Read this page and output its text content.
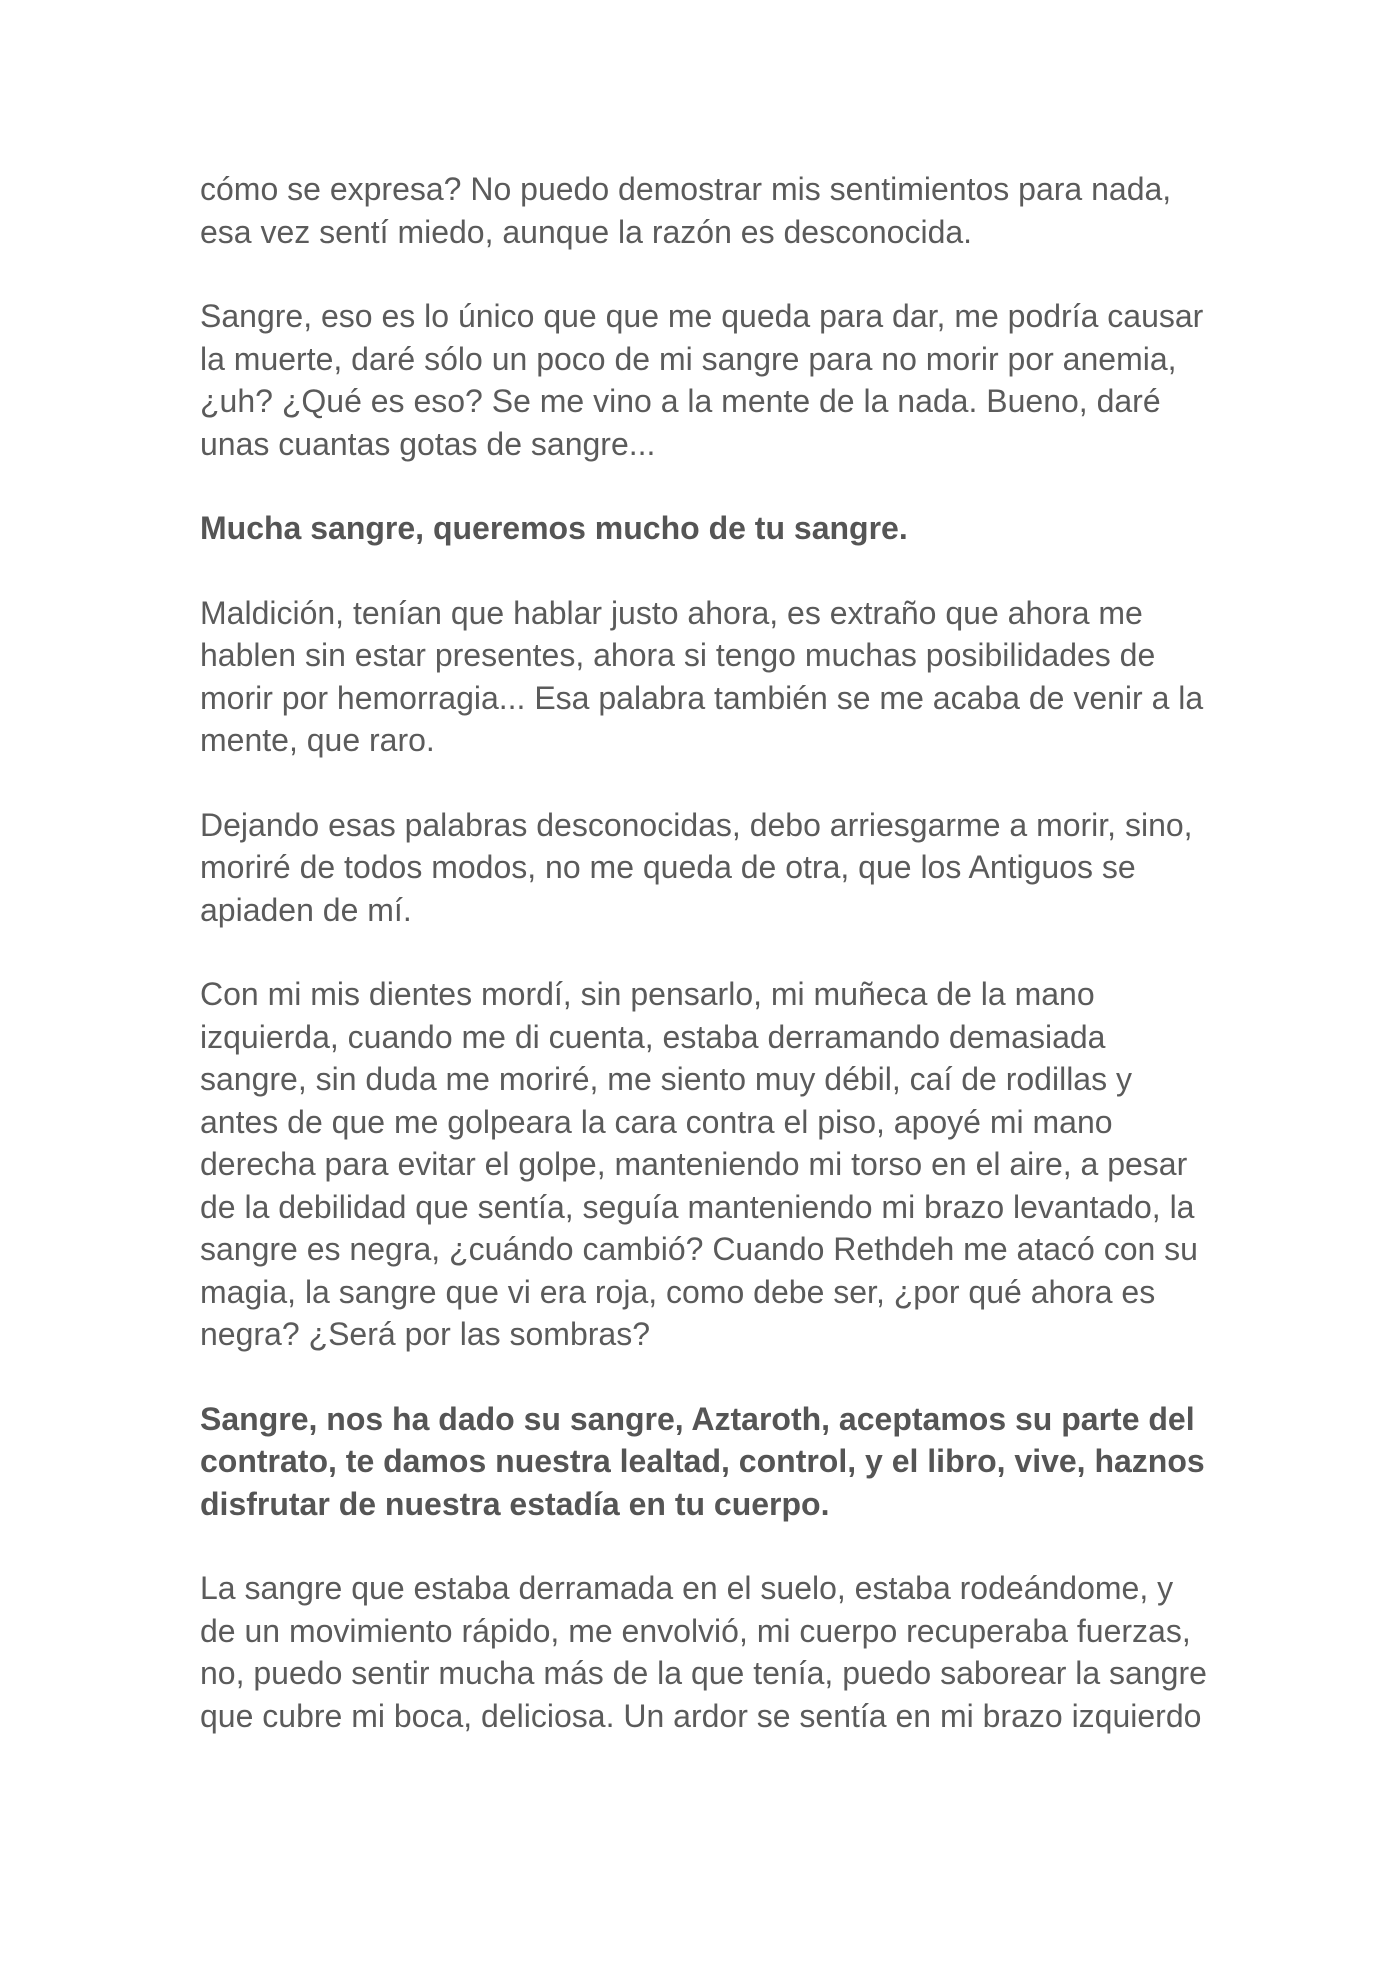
cómo se expresa? No puedo demostrar mis sentimientos para nada,
esa vez sentí miedo, aunque la razón es desconocida.

Sangre, eso es lo único que que me queda para dar, me podría causar
la muerte, daré sólo un poco de mi sangre para no morir por anemia,
¿uh? ¿Qué es eso? Se me vino a la mente de la nada. Bueno, daré
unas cuantas gotas de sangre...

Mucha sangre, queremos mucho de tu sangre.

Maldición, tenían que hablar justo ahora, es extraño que ahora me
hablen sin estar presentes, ahora si tengo muchas posibilidades de
morir por hemorragia... Esa palabra también se me acaba de venir a la
mente, que raro.

Dejando esas palabras desconocidas, debo arriesgarme a morir, sino,
moriré de todos modos, no me queda de otra, que los Antiguos se
apiaden de mí.

Con mi mis dientes mordí, sin pensarlo, mi muñeca de la mano
izquierda, cuando me di cuenta, estaba derramando demasiada
sangre, sin duda me moriré, me siento muy débil, caí de rodillas y
antes de que me golpeara la cara contra el piso, apoyé mi mano
derecha para evitar el golpe, manteniendo mi torso en el aire, a pesar
de la debilidad que sentía, seguía manteniendo mi brazo levantado, la
sangre es negra, ¿cuándo cambió? Cuando Rethdeh me atacó con su
magia, la sangre que vi era roja, como debe ser, ¿por qué ahora es
negra? ¿Será por las sombras?

Sangre, nos ha dado su sangre, Aztaroth, aceptamos su parte del
contrato, te damos nuestra lealtad, control, y el libro, vive, haznos
disfrutar de nuestra estadía en tu cuerpo.

La sangre que estaba derramada en el suelo, estaba rodeándome, y
de un movimiento rápido, me envolvió, mi cuerpo recuperaba fuerzas,
no, puedo sentir mucha más de la que tenía, puedo saborear la sangre
que cubre mi boca, deliciosa. Un ardor se sentía en mi brazo izquierdo
